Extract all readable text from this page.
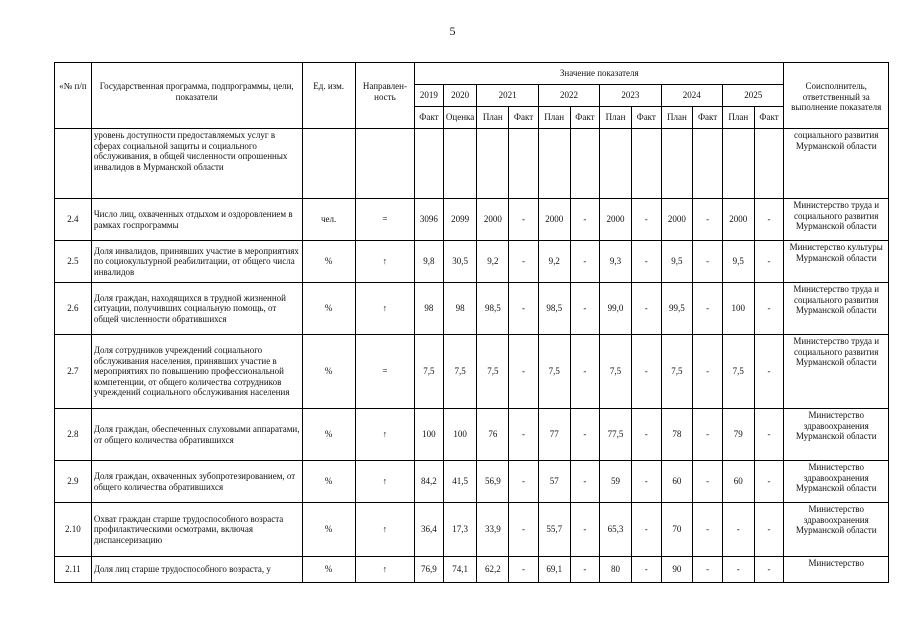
5
«№ п/п	Государственная программа, подпрограммы, цели, показатели	Ед. изм.	Направлен-ность	Значение показателя												Соисполнитель, ответственный за выполнение показателя
				2019	2020	2021		2022		2023		2024		2025		
				Факт	Оценка	План	Факт	План	Факт	План	Факт	План	Факт	План	Факт	
	уровень доступности предоставляемых услуг в сферах социальной защиты и социального обслуживания, в общей численности опрошенных инвалидов в Мурманской области															социального развития Мурманской области
2.4	Число лиц, охваченных отдыхом и оздоровлением в рамках госпрограммы	чел.	=	3096	2099	2000	-	2000	-	2000	-	2000	-	2000	-	Министерство труда и социального развития Мурманской области
2.5	Доля инвалидов, принявших участие в мероприятиях по социокультурной реабилитации, от общего числа инвалидов	%	↑	9,8	30,5	9,2	-	9,2	-	9,3	-	9,5	-	9,5	-	Министерство культуры Мурманской области
2.6	Доля граждан, находящихся в трудной жизненной ситуации, получивших социальную помощь, от общей численности обратившихся	%	↑	98	98	98,5	-	98,5	-	99,0	-	99,5	-	100	-	Министерство труда и социального развития Мурманской области
2.7	Доля сотрудников учреждений социального обслуживания населения, принявших участие в мероприятиях по повышению профессиональной компетенции, от общего количества сотрудников учреждений социального обслуживания населения	%	=	7,5	7,5	7,5	-	7,5	-	7,5	-	7,5	-	7,5	-	Министерство труда и социального развития Мурманской области
2.8	Доля граждан, обеспеченных слуховыми аппаратами, от общего количества обратившихся	%	↑	100	100	76	-	77	-	77,5	-	78	-	79	-	Министерство здравоохранения Мурманской области
2.9	Доля граждан, охваченных зубопротезированием, от общего количества обратившихся	%	↑	84,2	41,5	56,9	-	57	-	59	-	60	-	60	-	Министерство здравоохранения Мурманской области
2.10	Охват граждан старше трудоспособного возраста профилактическими осмотрами, включая диспансеризацию	%	↑	36,4	17,3	33,9	-	55,7	-	65,3	-	70	-	-	-	Министерство здравоохранения Мурманской области
2.11	Доля лиц старше трудоспособного возраста, у	%	↑	76,9	74,1	62,2	-	69,1	-	80	-	90	-	-	-	Министерство
